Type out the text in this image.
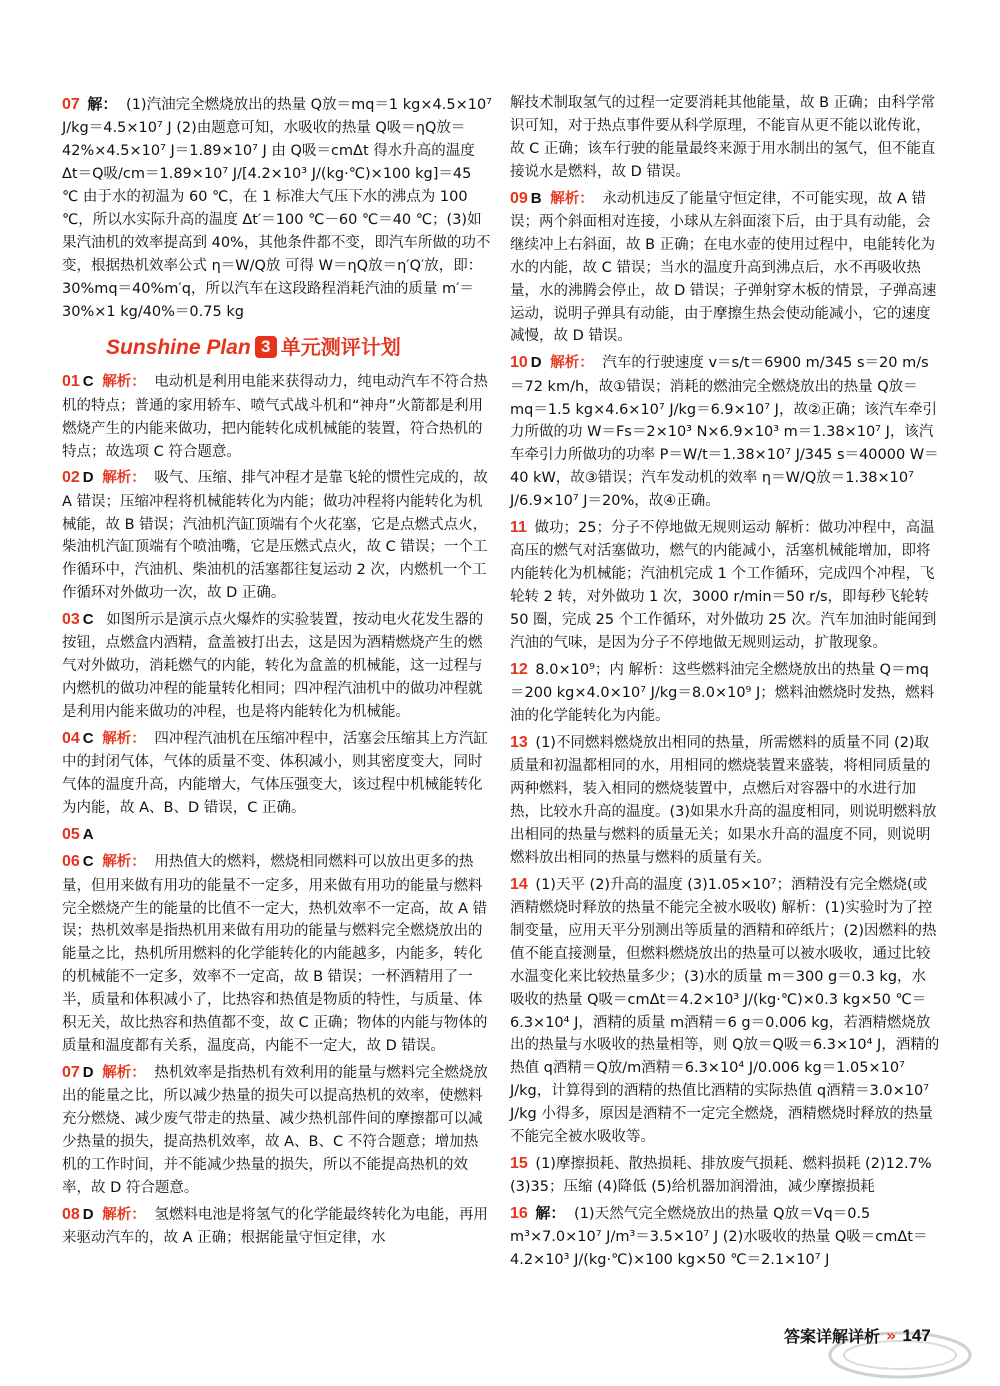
07 解： (1)汽油完全燃烧放出的热量 Q放＝mq＝1 kg×4.5×10⁷ J/kg＝4.5×10⁷ J (2)由题意可知，水吸收的热量 Q吸＝ηQ放＝42%×4.5×10⁷ J＝1.89×10⁷ J 由 Q吸＝cmΔt 得水升高的温度 Δt＝Q吸/cm＝1.89×10⁷ J/[4.2×10³ J/(kg·℃)×100 kg]＝45 ℃ 由于水的初温为 60 ℃，在 1 标准大气压下水的沸点为 100 ℃，所以水实际升高的温度 Δt′＝100 ℃－60 ℃＝40 ℃；(3)如果汽油机的效率提高到 40%，其他条件都不变，即汽车所做的功不变，根据热机效率公式 η＝W/Q放 可得 W＝ηQ放＝η′Q′放，即：30%mq＝40%m′q，所以汽车在这段路程消耗汽油的质量 m′＝30%×1 kg/40%＝0.75 kg
Sunshine Plan 3 单元测评计划
01 C 解析： 电动机是利用电能来获得动力，纯电动汽车不符合热机的特点；普通的家用轿车、喷气式战斗机和“神舟”火箭都是利用燃烧产生的内能来做功，把内能转化成机械能的装置，符合热机的特点；故选项 C 符合题意。
02 D 解析： 吸气、压缩、排气冲程才是靠飞轮的惯性完成的，故 A 错误；压缩冲程将机械能转化为内能；做功冲程将内能转化为机械能，故 B 错误；汽油机汽缸顶端有个火花塞，它是点燃式点火，柴油机汽缸顶端有个喷油嘴，它是压燃式点火，故 C 错误；一个工作循环中，汽油机、柴油机的活塞都往复运动 2 次，内燃机一个工作循环对外做功一次，故 D 正确。
03 C 如图所示是演示点火爆炸的实验装置，按动电火花发生器的按钮，点燃盒内酒精，盒盖被打出去，这是因为酒精燃烧产生的燃气对外做功，消耗燃气的内能，转化为盒盖的机械能，这一过程与内燃机的做功冲程的能量转化相同；四冲程汽油机中的做功冲程就是利用内能来做功的冲程，也是将内能转化为机械能。
04 C 解析： 四冲程汽油机在压缩冲程中，活塞会压缩其上方汽缸中的封闭气体，气体的质量不变、体积减小，则其密度变大，同时气体的温度升高，内能增大，气体压强变大，该过程中机械能转化为内能，故 A、B、D 错误，C 正确。
05 A
06 C 解析： 用热值大的燃料，燃烧相同燃料可以放出更多的热量，但用来做有用功的能量不一定多，用来做有用功的能量与燃料完全燃烧产生的能量的比值不一定大，热机效率不一定高，故 A 错误；热机效率是指热机用来做有用功的能量与燃料完全燃烧放出的能量之比，热机所用燃料的化学能转化的内能越多，内能多，转化的机械能不一定多，效率不一定高，故 B 错误；一杯酒精用了一半，质量和体积减小了，比热容和热值是物质的特性，与质量、体积无关，故比热容和热值都不变，故 C 正确；物体的内能与物体的质量和温度都有关系，温度高，内能不一定大，故 D 错误。
07 D 解析： 热机效率是指热机有效利用的能量与燃料完全燃烧放出的能量之比，所以减少热量的损失可以提高热机的效率，使燃料充分燃烧、减少废气带走的热量、减少热机部件间的摩擦都可以减少热量的损失，提高热机效率，故 A、B、C 不符合题意；增加热机的工作时间，并不能减少热量的损失，所以不能提高热机的效率，故 D 符合题意。
08 D 解析： 氢燃料电池是将氢气的化学能最终转化为电能，再用来驱动汽车的，故 A 正确；根据能量守恒定律，水
解技术制取氢气的过程一定要消耗其他能量，故 B 正确；由科学常识可知，对于热点事件要从科学原理，不能盲从更不能以讹传讹，故 C 正确；该车行驶的能量最终来源于用水制出的氢气，但不能直接说水是燃料，故 D 错误。
09 B 解析： 永动机违反了能量守恒定律，不可能实现，故 A 错误；两个斜面相对连接，小球从左斜面滚下后，由于具有动能，会继续冲上右斜面，故 B 正确；在电水壶的使用过程中，电能转化为水的内能，故 C 错误；当水的温度升高到沸点后，水不再吸收热量，水的沸腾会停止，故 D 错误；子弹射穿木板的情景，子弹高速运动，说明子弹具有动能，由于摩擦生热会使动能减小，它的速度减慢，故 D 错误。
10 D 解析： 汽车的行驶速度 v＝s/t＝6900 m/345 s＝20 m/s＝72 km/h，故①错误；消耗的燃油完全燃烧放出的热量 Q放＝mq＝1.5 kg×4.6×10⁷ J/kg＝6.9×10⁷ J，故②正确；该汽车牵引力所做的功 W＝Fs＝2×10³ N×6.9×10³ m＝1.38×10⁷ J，该汽车牵引力所做功的功率 P＝W/t＝1.38×10⁷ J/345 s＝40000 W＝40 kW，故③错误；汽车发动机的效率 η＝W/Q放＝1.38×10⁷ J/6.9×10⁷ J＝20%，故④正确。
11 做功；25；分子不停地做无规则运动 解析：做功冲程中，高温高压的燃气对活塞做功，燃气的内能减小，活塞机械能增加，即将内能转化为机械能；汽油机完成 1 个工作循环，完成四个冲程，飞轮转 2 转，对外做功 1 次，3000 r/min＝50 r/s，即每秒飞轮转 50 圈，完成 25 个工作循环，对外做功 25 次。汽车加油时能闻到汽油的气味，是因为分子不停地做无规则运动，扩散现象。
12 8.0×10⁹；内 解析：这些燃料油完全燃烧放出的热量 Q＝mq＝200 kg×4.0×10⁷ J/kg＝8.0×10⁹ J；燃料油燃烧时发热，燃料油的化学能转化为内能。
13 (1)不同燃料燃烧放出相同的热量，所需燃料的质量不同 (2)取质量和初温都相同的水，用相同的燃烧装置来盛装，将相同质量的两种燃料，装入相同的燃烧装置中，点燃后对容器中的水进行加热，比较水升高的温度。(3)如果水升高的温度相同，则说明燃料放出相同的热量与燃料的质量无关；如果水升高的温度不同，则说明燃料放出相同的热量与燃料的质量有关。
14 (1)天平 (2)升高的温度 (3)1.05×10⁷；酒精没有完全燃烧(或酒精燃烧时释放的热量不能完全被水吸收) 解析：(1)实验时为了控制变量，应用天平分别测出等质量的酒精和碎纸片；(2)因燃料的热值不能直接测量，但燃料燃烧放出的热量可以被水吸收，通过比较水温变化来比较热量多少；(3)水的质量 m＝300 g＝0.3 kg，水吸收的热量 Q吸＝cmΔt＝4.2×10³ J/(kg·℃)×0.3 kg×50 ℃＝6.3×10⁴ J，酒精的质量 m酒精＝6 g＝0.006 kg，若酒精燃烧放出的热量与水吸收的热量相等，则 Q放＝Q吸＝6.3×10⁴ J，酒精的热值 q酒精＝Q放/m酒精＝6.3×10⁴ J/0.006 kg＝1.05×10⁷ J/kg，计算得到的酒精的热值比酒精的实际热值 q酒精＝3.0×10⁷ J/kg 小得多，原因是酒精不一定完全燃烧，酒精燃烧时释放的热量不能完全被水吸收等。
15 (1)摩擦损耗、散热损耗、排放废气损耗、燃料损耗 (2)12.7% (3)35；压缩 (4)降低 (5)给机器加润滑油，减少摩擦损耗
16 解： (1)天然气完全燃烧放出的热量 Q放＝Vq＝0.5 m³×7.0×10⁷ J/m³＝3.5×10⁷ J (2)水吸收的热量 Q吸＝cmΔt＝4.2×10³ J/(kg·℃)×100 kg×50 ℃＝2.1×10⁷ J
答案详解详析 » 147
